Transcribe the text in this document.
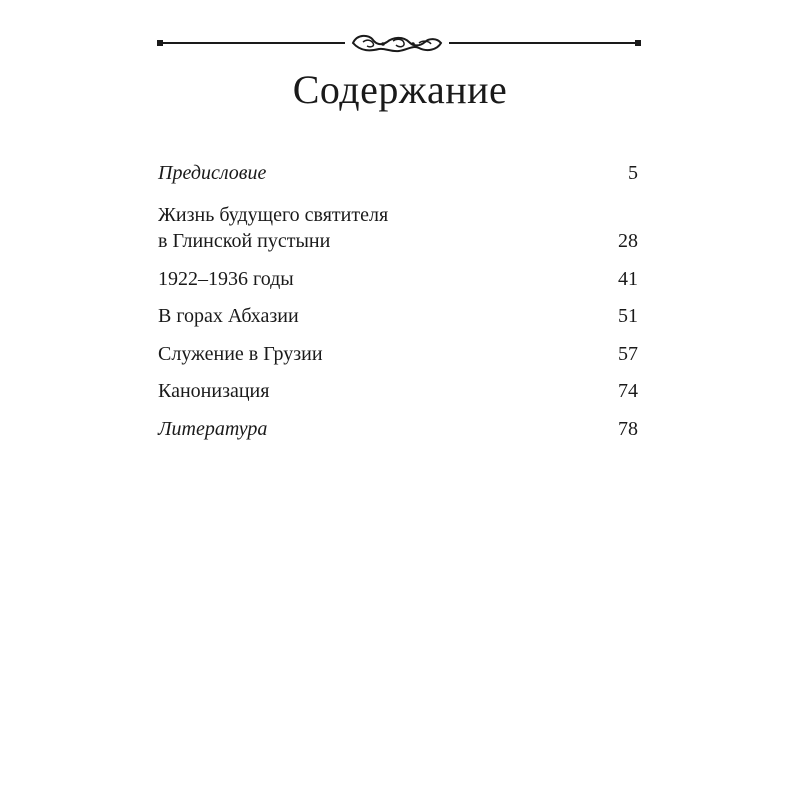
Содержание
Предисловие	5
Жизнь будущего святителя
в Глинской пустыни	28
1922–1936 годы	41
В горах Абхазии	51
Служение в Грузии	57
Канонизация	74
Литература	78
